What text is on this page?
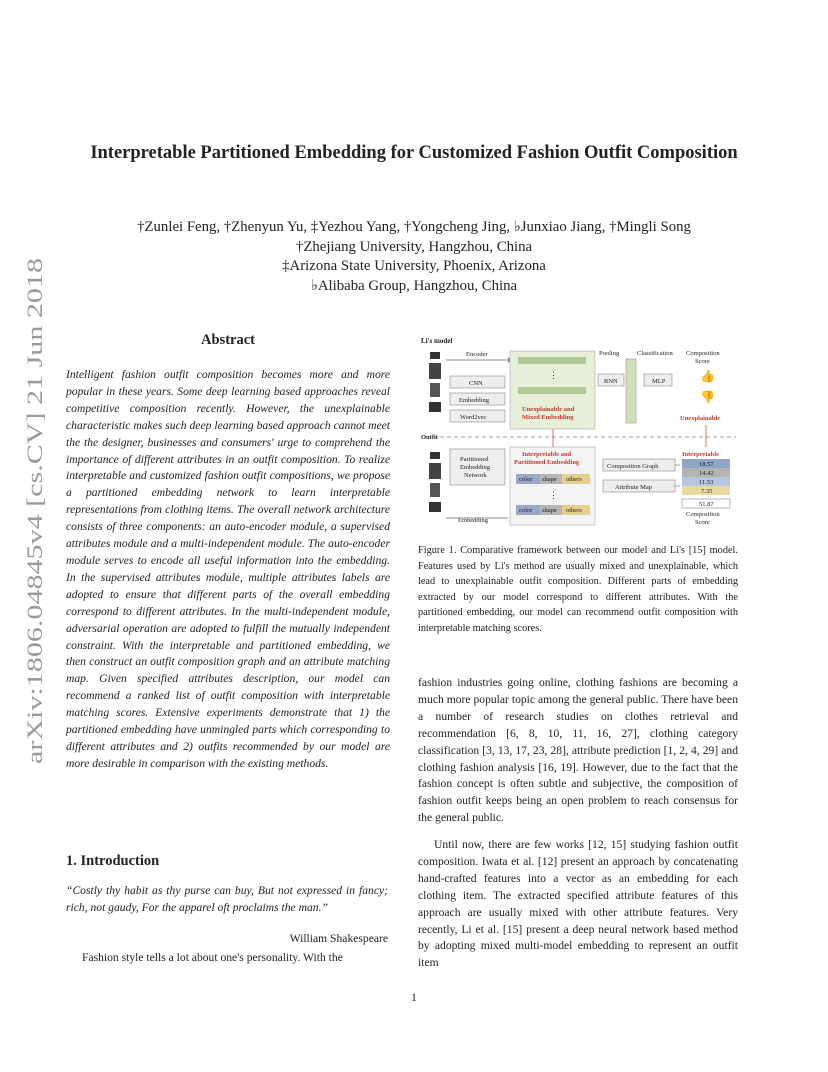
arXiv:1806.04845v4 [cs.CV] 21 Jun 2018
Interpretable Partitioned Embedding for Customized Fashion Outfit Composition
†Zunlei Feng, †Zhenyun Yu, ‡Yezhou Yang, †Yongcheng Jing, ♭Junxiao Jiang, †Mingli Song
†Zhejiang University, Hangzhou, China
‡Arizona State University, Phoenix, Arizona
♭Alibaba Group, Hangzhou, China
Abstract
Intelligent fashion outfit composition becomes more and more popular in these years. Some deep learning based approaches reveal competitive composition recently. However, the unexplainable characteristic makes such deep learning based approach cannot meet the the designer, businesses and consumers' urge to comprehend the importance of different attributes in an outfit composition. To realize interpretable and customized fashion outfit compositions, we propose a partitioned embedding network to learn interpretable representations from clothing items. The overall network architecture consists of three components: an auto-encoder module, a supervised attributes module and a multi-independent module. The auto-encoder module serves to encode all useful information into the embedding. In the supervised attributes module, multiple attributes labels are adopted to ensure that different parts of the overall embedding correspond to different attributes. In the multi-independent module, adversarial operation are adopted to fulfill the mutually independent constraint. With the interpretable and partitioned embedding, we then construct an outfit composition graph and an attribute matching map. Given specified attributes description, our model can recommend a ranked list of outfit composition with interpretable matching scores. Extensive experiments demonstrate that 1) the partitioned embedding have unmingled parts which corresponding to different attributes and 2) outfits recommended by our model are more desirable in comparison with the existing methods.
1. Introduction
“Costly thy habit as thy purse can buy, But not expressed in fancy; rich, not gaudy, For the apparel oft proclaims the man.”
William Shakespeare
Fashion style tells a lot about one's personality. With the
Li's model
Encoder
CNN
Embedding
Word2vec
⋮
Unexplainable and
Mixed Embedding
Pooling
RNN
Classification
MLP
Composition
Score
👍
👎
Unexplainable
Outfit
Partitioned
Embedding
Network
Embedding
Interpretable and
Partitioned Embedding
color shape others
⋮
color shape others
Composition Graph
Attribute Map
Interpretable
18.57
14.42
11.53
7.35
51.87
Composition
Score
Figure 1. Comparative framework between our model and Li's [15] model. Features used by Li's method are usually mixed and unexplainable, which lead to unexplainable outfit composition. Different parts of embedding extracted by our model correspond to different attributes. With the partitioned embedding, our model can recommend outfit composition with interpretable matching scores.
fashion industries going online, clothing fashions are becoming a much more popular topic among the general public. There have been a number of research studies on clothes retrieval and recommendation [6, 8, 10, 11, 16, 27], clothing category classification [3, 13, 17, 23, 28], attribute prediction [1, 2, 4, 29] and clothing fashion analysis [16, 19]. However, due to the fact that the fashion concept is often subtle and subjective, the composition of fashion outfit keeps being an open problem to reach consensus for the general public.
Until now, there are few works [12, 15] studying fashion outfit composition. Iwata et al. [12] present an approach by concatenating hand-crafted features into a vector as an embedding for each clothing item. The extracted specified attribute features of this approach are usually mixed with other attribute features. Very recently, Li et al. [15] present a deep neural network based method by adopting mixed multi-model embedding to represent an outfit item
1
